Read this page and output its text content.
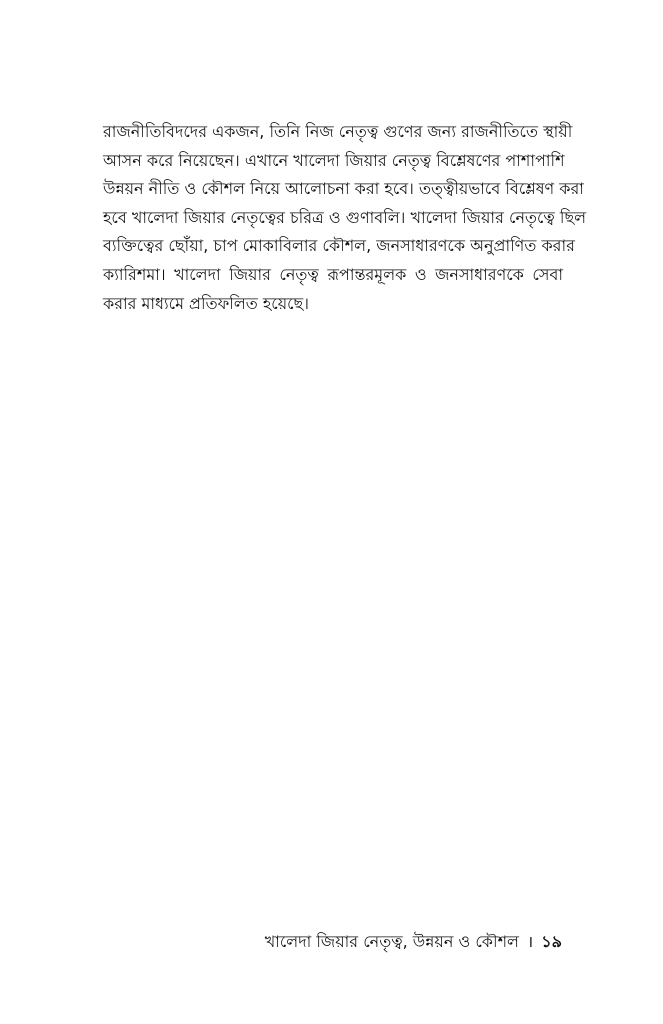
রাজনীতিবিদদের একজন, তিনি নিজ নেতৃত্ব গুণের জন্য রাজনীতিতে স্থায়ী
আসন করে নিয়েছেন। এখানে খালেদা জিয়ার নেতৃত্ব বিশ্লেষণের পাশাপাশি
উন্নয়ন নীতি ও কৌশল নিয়ে আলোচনা করা হবে। তত্ত্বীয়ভাবে বিশ্লেষণ করা
হবে খালেদা জিয়ার নেতৃত্বের চরিত্র ও গুণাবলি। খালেদা জিয়ার নেতৃত্বে ছিল
ব্যক্তিত্বের ছোঁয়া, চাপ মোকাবিলার কৌশল, জনসাধারণকে অনুপ্রাণিত করার
ক্যারিশমা। খালেদা জিয়ার নেতৃত্ব রূপান্তরমূলক ও জনসাধারণকে সেবা
করার মাধ্যমে প্রতিফলিত হয়েছে।
খালেদা জিয়ার নেতৃত্ব, উন্নয়ন ও কৌশল । ১৯
